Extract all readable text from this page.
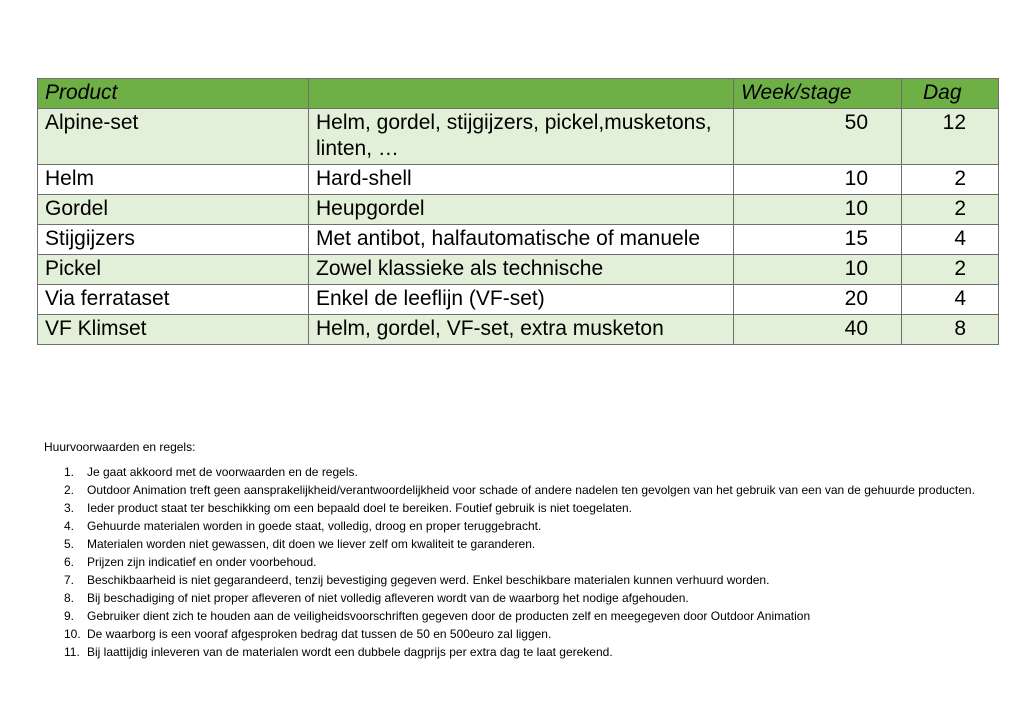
Product		Week/stage	Dag
Alpine-set	Helm, gordel, stijgijzers, pickel,musketons, linten, …	50	12
Helm	Hard-shell	10	2
Gordel	Heupgordel	10	2
Stijgijzers	Met antibot, halfautomatische of manuele	15	4
Pickel	Zowel klassieke als technische	10	2
Via ferrataset	Enkel de leeflijn (VF-set)	20	4
VF Klimset	Helm, gordel, VF-set, extra musketon	40	8

Huurvoorwaarden en regels:

1. Je gaat akkoord met de voorwaarden en de regels.
2. Outdoor Animation treft geen aansprakelijkheid/verantwoordelijkheid voor schade of andere nadelen ten gevolgen van het gebruik van een van de gehuurde producten.
3. Ieder product staat ter beschikking om een bepaald doel te bereiken. Foutief gebruik is niet toegelaten.
4. Gehuurde materialen worden in goede staat, volledig, droog en proper teruggebracht.
5. Materialen worden niet gewassen, dit doen we liever zelf om kwaliteit te garanderen.
6. Prijzen zijn indicatief en onder voorbehoud.
7. Beschikbaarheid is niet gegarandeerd, tenzij bevestiging gegeven werd. Enkel beschikbare materialen kunnen verhuurd worden.
8. Bij beschadiging of niet proper afleveren of niet volledig afleveren wordt van de waarborg het nodige afgehouden.
9. Gebruiker dient zich te houden aan de veiligheidsvoorschriften gegeven door de producten zelf en meegegeven door Outdoor Animation
10. De waarborg is een vooraf afgesproken bedrag dat tussen de 50 en 500euro zal liggen.
11. Bij laattijdig inleveren van de materialen wordt een dubbele dagprijs per extra dag te laat gerekend.
